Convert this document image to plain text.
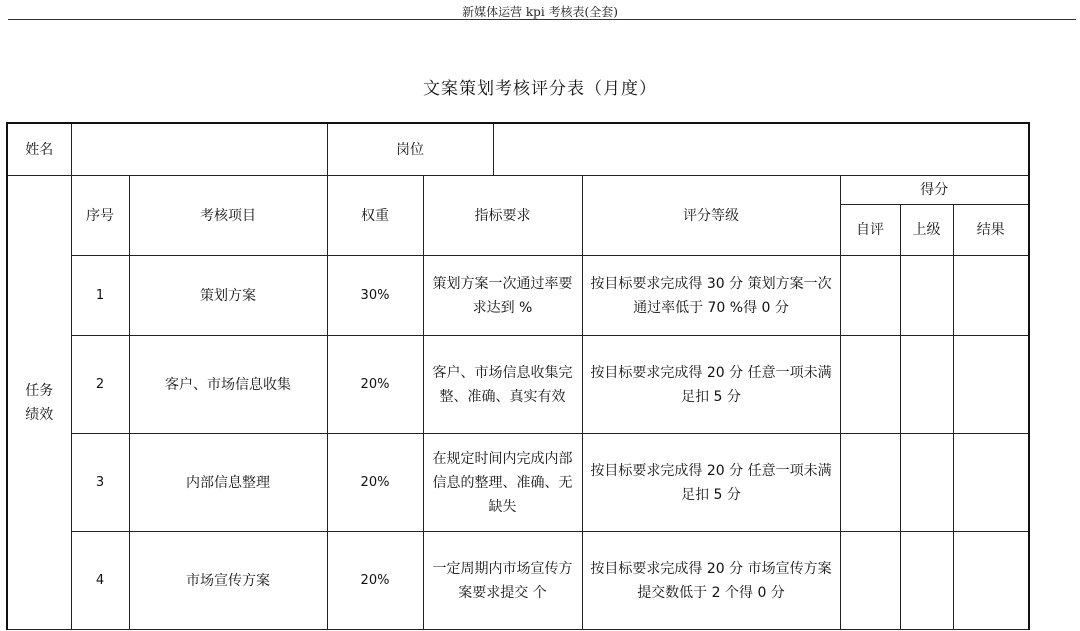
新媒体运营 kpi 考核表(全套)
文案策划考核评分表（月度）
姓名			岗位						
任务
绩效	序号	考核项目	权重	指标要求		评分等级	得分		
							自评	上级	结果
	1	策划方案	30%	策划方案一次通过率要求达到 %		按目标要求完成得 30 分 策划方案一次通过率低于 70 %得 0 分			
	2	客户、市场信息收集	20%	客户、市场信息收集完整、准确、真实有效		按目标要求完成得 20 分 任意一项未满足扣 5 分			
	3	内部信息整理	20%	在规定时间内完成内部信息的整理、准确、无缺失		按目标要求完成得 20 分 任意一项未满足扣 5 分			
	4	市场宣传方案	20%	一定周期内市场宣传方案要求提交 个		按目标要求完成得 20 分 市场宣传方案提交数低于 2 个得 0 分			
